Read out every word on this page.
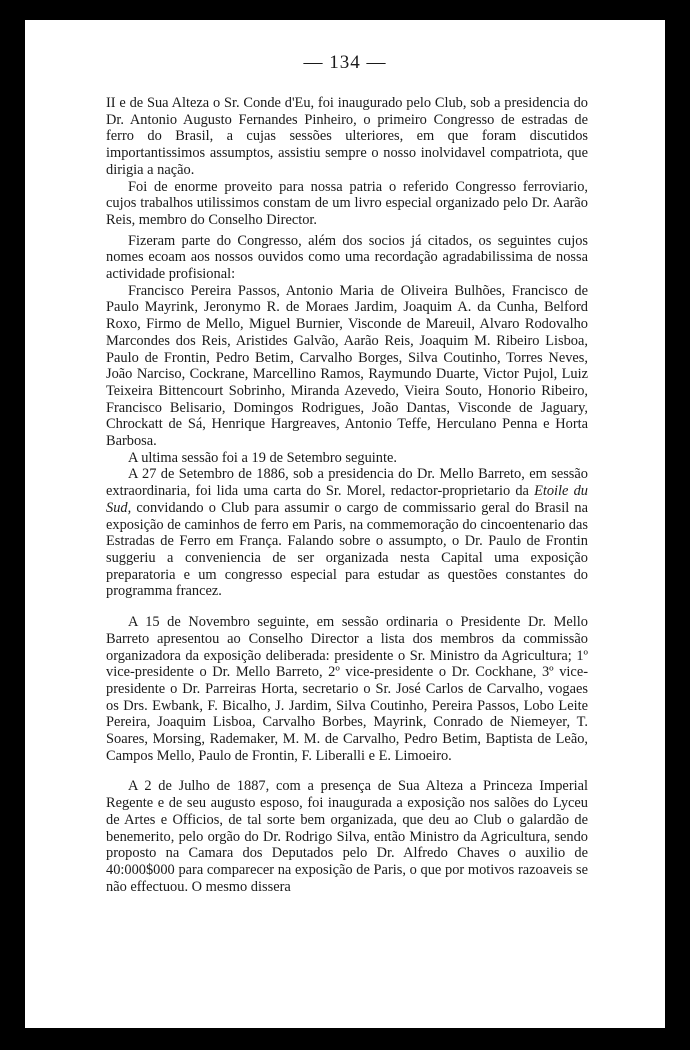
— 134 —

II e de Sua Alteza o Sr. Conde d'Eu, foi inaugurado pelo Club, sob a presidencia do Dr. Antonio Augusto Fernandes Pinheiro, o primeiro Congresso de estradas de ferro do Brasil, a cujas sessões ulteriores, em que foram discutidos importantissimos assumptos, assistiu sempre o nosso inolvidavel compatriota, que dirigia a nação.

Foi de enorme proveito para nossa patria o referido Congresso ferroviario, cujos trabalhos utilissimos constam de um livro especial organizado pelo Dr. Aarão Reis, membro do Conselho Director.

Fizeram parte do Congresso, além dos socios já citados, os seguintes cujos nomes ecoam aos nossos ouvidos como uma recordação agradabilissima de nossa actividade profisional:

Francisco Pereira Passos, Antonio Maria de Oliveira Bulhões, Francisco de Paulo Mayrink, Jeronymo R. de Moraes Jardim, Joaquim A. da Cunha, Belford Roxo, Firmo de Mello, Miguel Burnier, Visconde de Mareuil, Alvaro Rodovalho Marcondes dos Reis, Aristides Galvão, Aarão Reis, Joaquim M. Ribeiro Lisboa, Paulo de Frontin, Pedro Betim, Carvalho Borges, Silva Coutinho, Torres Neves, João Narciso, Cockrane, Marcellino Ramos, Raymundo Duarte, Victor Pujol, Luiz Teixeira Bittencourt Sobrinho, Miranda Azevedo, Vieira Souto, Honorio Ribeiro, Francisco Belisario, Domingos Rodrigues, João Dantas, Visconde de Jaguary, Chrockatt de Sá, Henrique Hargreaves, Antonio Teffe, Herculano Penna e Horta Barbosa.

A ultima sessão foi a 19 de Setembro seguinte.

A 27 de Setembro de 1886, sob a presidencia do Dr. Mello Barreto, em sessão extraordinaria, foi lida uma carta do Sr. Morel, redactor-proprietario da Etoile du Sud, convidando o Club para assumir o cargo de commissario geral do Brasil na exposição de caminhos de ferro em Paris, na commemoração do cincoentenario das Estradas de Ferro em França. Falando sobre o assumpto, o Dr. Paulo de Frontin suggeriu a conveniencia de ser organizada nesta Capital uma exposição preparatoria e um congresso especial para estudar as questões constantes do programma francez.

A 15 de Novembro seguinte, em sessão ordinaria o Presidente Dr. Mello Barreto apresentou ao Conselho Director a lista dos membros da commissão organizadora da exposição deliberada: presidente o Sr. Ministro da Agricultura; 1º vice-presidente o Dr. Mello Barreto, 2º vice-presidente o Dr. Cockhane, 3º vice-presidente o Dr. Parreiras Horta, secretario o Sr. José Carlos de Carvalho, vogaes os Drs. Ewbank, F. Bicalho, J. Jardim, Silva Coutinho, Pereira Passos, Lobo Leite Pereira, Joaquim Lisboa, Carvalho Borbes, Mayrink, Conrado de Niemeyer, T. Soares, Morsing, Rademaker, M. M. de Carvalho, Pedro Betim, Baptista de Leão, Campos Mello, Paulo de Frontin, F. Liberalli e E. Limoeiro.

A 2 de Julho de 1887, com a presença de Sua Alteza a Princeza Imperial Regente e de seu augusto esposo, foi inaugurada a exposição nos salões do Lyceu de Artes e Officios, de tal sorte bem organizada, que deu ao Club o galardão de benemerito, pelo orgão do Dr. Rodrigo Silva, então Ministro da Agricultura, sendo proposto na Camara dos Deputados pelo Dr. Alfredo Chaves o auxilio de 40:000$000 para comparecer na exposição de Paris, o que por motivos razoaveis se não effectuou. O mesmo dissera
